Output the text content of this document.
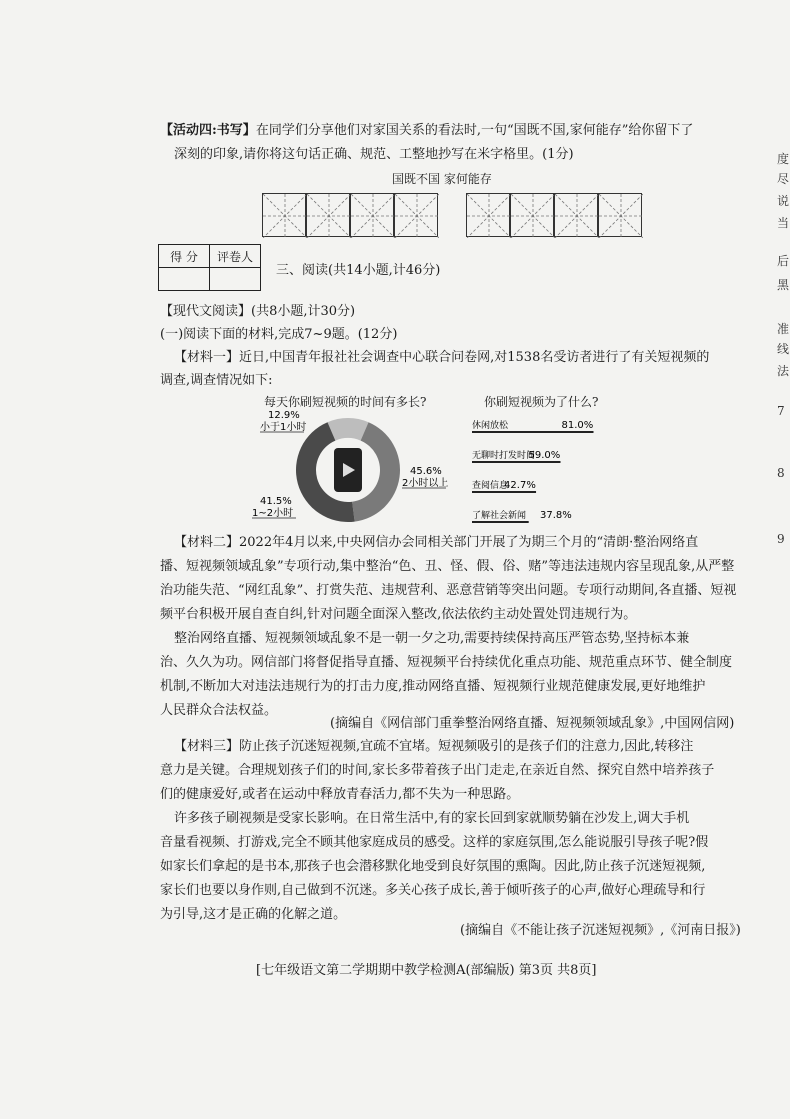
【活动四:书写】在同学们分享他们对家国关系的看法时,一句“国既不国,家何能存”给你留下了
深刻的印象,请你将这句话正确、规范、工整地抄写在米字格里。(1分)
国既不国 家何能存
得 分	评卷人

三、阅读(共14小题,计46分)
【现代文阅读】(共8小题,计30分)
(一)阅读下面的材料,完成7~9题。(12分)
【材料一】近日,中国青年报社社会调查中心联合问卷网,对1538名受访者进行了有关短视频的
调查,调查情况如下:
每天你刷短视频的时间有多长?
12.9%
小于1小时
41.5%
1~2小时
45.6%
2小时以上
你刷短视频为了什么?
休闲放松	81.0%
无聊时打发时间
59.0%
查阅信息
42.7%
了解社会新闻 37.8%
【材料二】2022年4月以来,中央网信办会同相关部门开展了为期三个月的“清朗·整治网络直
播、短视频领域乱象”专项行动,集中整治“色、丑、怪、假、俗、赌”等违法违规内容呈现乱象,从严整
治功能失范、“网红乱象”、打赏失范、违规营利、恶意营销等突出问题。专项行动期间,各直播、短视
频平台积极开展自查自纠,针对问题全面深入整改,依法依约主动处置处罚违规行为。
整治网络直播、短视频领域乱象不是一朝一夕之功,需要持续保持高压严管态势,坚持标本兼
治、久久为功。网信部门将督促指导直播、短视频平台持续优化重点功能、规范重点环节、健全制度
机制,不断加大对违法违规行为的打击力度,推动网络直播、短视频行业规范健康发展,更好地维护
人民群众合法权益。
(摘编自《网信部门重拳整治网络直播、短视频领域乱象》,中国网信网)
【材料三】防止孩子沉迷短视频,宜疏不宜堵。短视频吸引的是孩子们的注意力,因此,转移注
意力是关键。合理规划孩子们的时间,家长多带着孩子出门走走,在亲近自然、探究自然中培养孩子
们的健康爱好,或者在运动中释放青春活力,都不失为一种思路。
许多孩子刷视频是受家长影响。在日常生活中,有的家长回到家就顺势躺在沙发上,调大手机
音量看视频、打游戏,完全不顾其他家庭成员的感受。这样的家庭氛围,怎么能说服引导孩子呢?假
如家长们拿起的是书本,那孩子也会潜移默化地受到良好氛围的熏陶。因此,防止孩子沉迷短视频,
家长们也要以身作则,自己做到不沉迷。多关心孩子成长,善于倾听孩子的心声,做好心理疏导和行
为引导,这才是正确的化解之道。
(摘编自《不能让孩子沉迷短视频》,《河南日报》)
[七年级语文第二学期期中教学检测A(部编版) 第3页 共8页]
度
尽
说
当
后
黑
准
线
法
7
8
9
